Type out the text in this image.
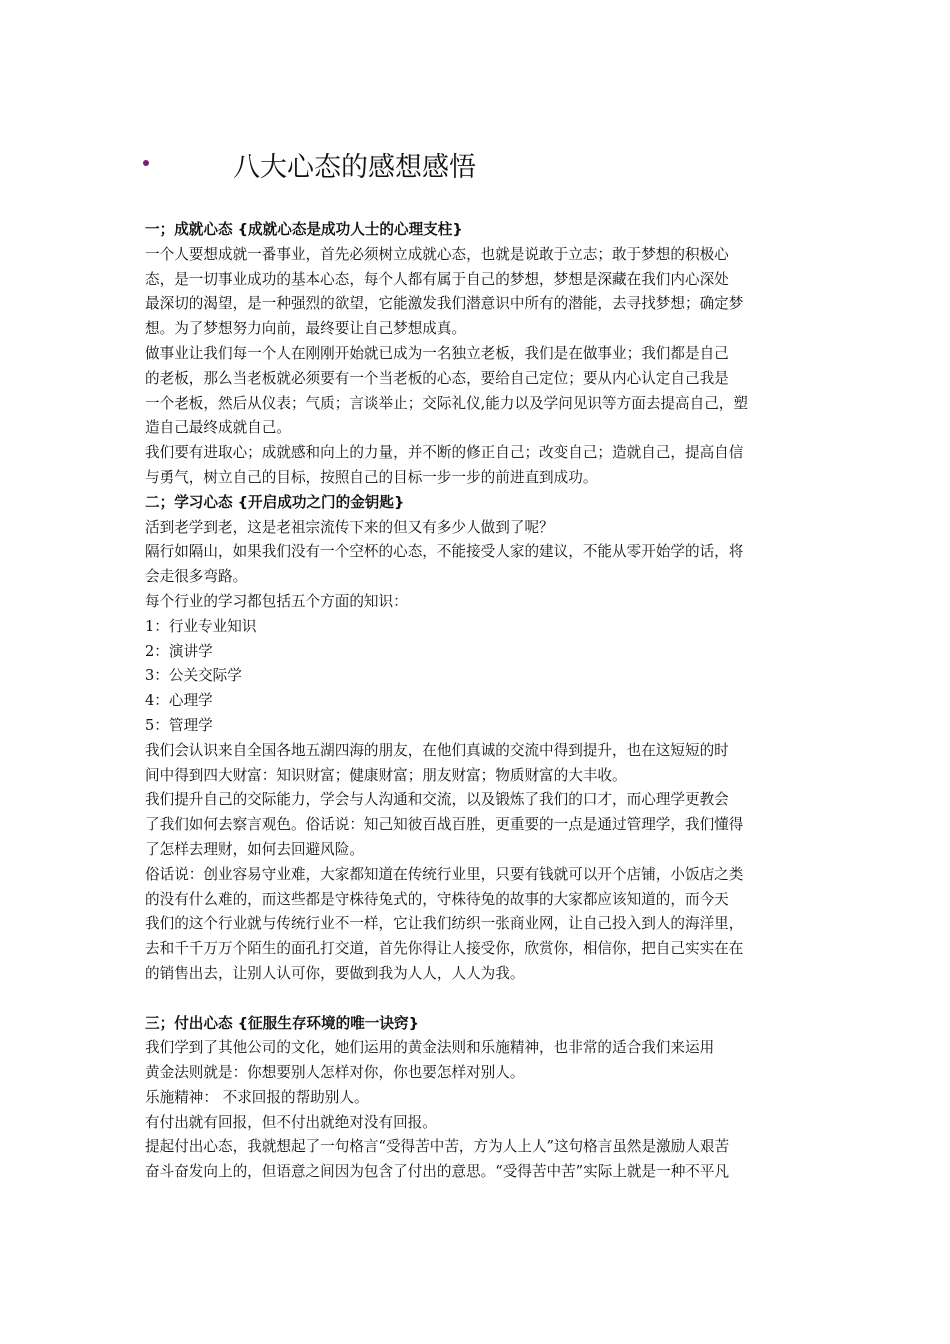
八大心态的感想感悟
一；成就心态 {成就心态是成功人士的心理支柱}
一个人要想成就一番事业，首先必须树立成就心态，也就是说敢于立志；敢于梦想的积极心
态，是一切事业成功的基本心态，每个人都有属于自己的梦想，梦想是深藏在我们内心深处
最深切的渴望，是一种强烈的欲望，它能激发我们潜意识中所有的潜能，去寻找梦想；确定梦
想。为了梦想努力向前，最终要让自己梦想成真。
做事业让我们每一个人在刚刚开始就已成为一名独立老板，我们是在做事业；我们都是自己
的老板，那么当老板就必须要有一个当老板的心态，要给自己定位；要从内心认定自己我是
一个老板，然后从仪表；气质；言谈举止；交际礼仪,能力以及学问见识等方面去提高自己，塑
造自己最终成就自己。
我们要有进取心；成就感和向上的力量，并不断的修正自己；改变自己；造就自己，提高自信
与勇气，树立自己的目标，按照自己的目标一步一步的前进直到成功。
二；学习心态 {开启成功之门的金钥匙}
活到老学到老，这是老祖宗流传下来的但又有多少人做到了呢？
隔行如隔山，如果我们没有一个空杯的心态，不能接受人家的建议，不能从零开始学的话，将
会走很多弯路。
每个行业的学习都包括五个方面的知识：
1：行业专业知识
2：演讲学
3：公关交际学
4：心理学
5：管理学
我们会认识来自全国各地五湖四海的朋友，在他们真诚的交流中得到提升，也在这短短的时
间中得到四大财富：知识财富；健康财富；朋友财富；物质财富的大丰收。
我们提升自己的交际能力，学会与人沟通和交流，以及锻炼了我们的口才，而心理学更教会
了我们如何去察言观色。俗话说：知己知彼百战百胜，更重要的一点是通过管理学，我们懂得
了怎样去理财，如何去回避风险。
俗话说：创业容易守业难，大家都知道在传统行业里，只要有钱就可以开个店铺，小饭店之类
的没有什么难的，而这些都是守株待兔式的，守株待兔的故事的大家都应该知道的，而今天
我们的这个行业就与传统行业不一样，它让我们纺织一张商业网，让自己投入到人的海洋里，
去和千千万万个陌生的面孔打交道，首先你得让人接受你，欣赏你，相信你，把自己实实在在
的销售出去，让别人认可你，要做到我为人人，人人为我。
三；付出心态 {征服生存环境的唯一诀窍}
我们学到了其他公司的文化，她们运用的黄金法则和乐施精神，也非常的适合我们来运用
黄金法则就是：你想要别人怎样对你，你也要怎样对别人。
乐施精神： 不求回报的帮助别人。
有付出就有回报，但不付出就绝对没有回报。
提起付出心态，我就想起了一句格言“受得苦中苦，方为人上人”这句格言虽然是激励人艰苦
奋斗奋发向上的，但语意之间因为包含了付出的意思。“受得苦中苦”实际上就是一种不平凡
